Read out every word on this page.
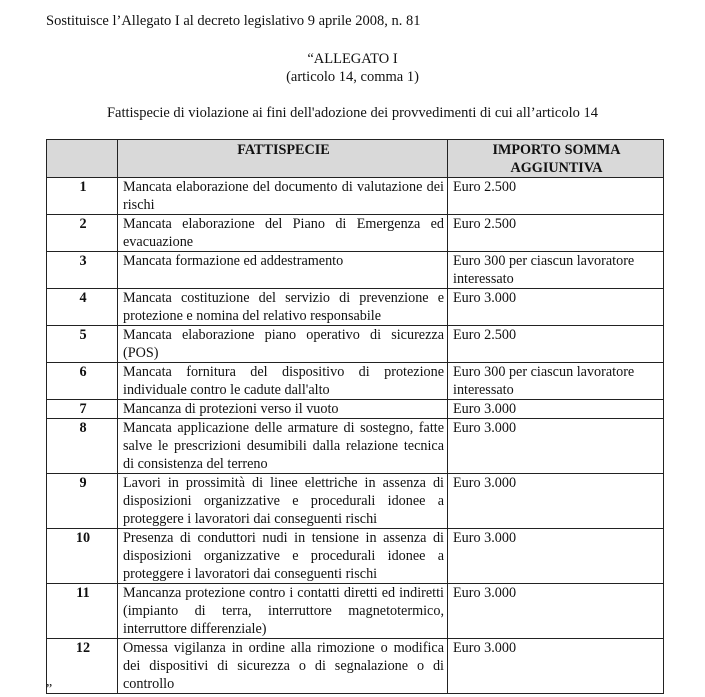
Sostituisce l’Allegato I al decreto legislativo 9 aprile 2008, n. 81
“ALLEGATO I
(articolo 14, comma 1)
Fattispecie di violazione ai fini dell'adozione dei provvedimenti di cui all’articolo 14
	FATTISPECIE	IMPORTO SOMMA AGGIUNTIVA
1	Mancata elaborazione del documento di valutazione dei rischi	Euro 2.500
2	Mancata elaborazione del Piano di Emergenza ed evacuazione	Euro 2.500
3	Mancata formazione ed addestramento	Euro 300 per ciascun lavoratore interessato
4	Mancata costituzione del servizio di prevenzione e protezione e nomina del relativo responsabile	Euro 3.000
5	Mancata elaborazione piano operativo di sicurezza (POS)	Euro 2.500
6	Mancata fornitura del dispositivo di protezione individuale contro le cadute dall'alto	Euro 300 per ciascun lavoratore interessato
7	Mancanza di protezioni verso il vuoto	Euro 3.000
8	Mancata applicazione delle armature di sostegno, fatte salve le prescrizioni desumibili dalla relazione tecnica di consistenza del terreno	Euro 3.000
9	Lavori in prossimità di linee elettriche in assenza di disposizioni organizzative e procedurali idonee a proteggere i lavoratori dai conseguenti rischi	Euro 3.000
10	Presenza di conduttori nudi in tensione in assenza di disposizioni organizzative e procedurali idonee a proteggere i lavoratori dai conseguenti rischi	Euro 3.000
11	Mancanza protezione contro i contatti diretti ed indiretti (impianto di terra, interruttore magnetotermico, interruttore differenziale)	Euro 3.000
12	Omessa vigilanza in ordine alla rimozione o modifica dei dispositivi di sicurezza o di segnalazione o di controllo	Euro 3.000
”
